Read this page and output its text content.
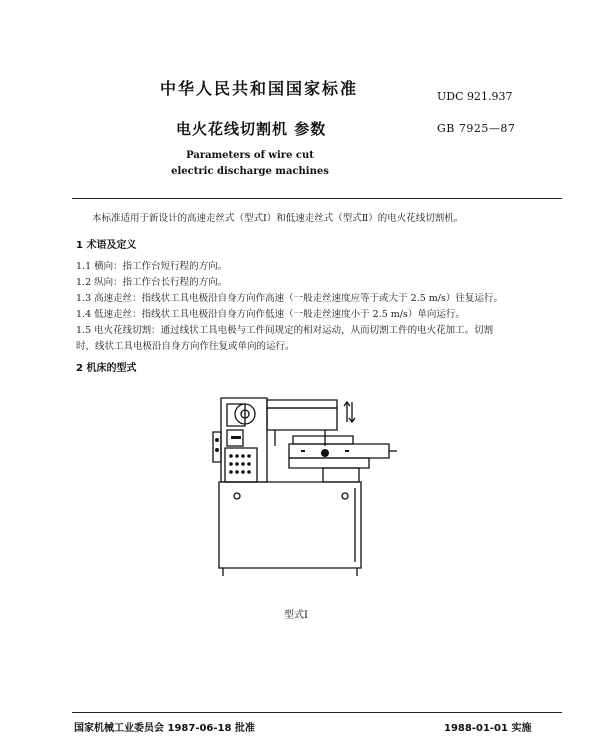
中华人民共和国国家标准	UDC 921.937
电火花线切割机 参数	GB 7925—87
Parameters of wire cut electric discharge machines
本标准适用于新设计的高速走丝式（型式Ⅰ）和低速走丝式（型式Ⅱ）的电火花线切割机。
1 术语及定义
1.1 横向：指工作台短行程的方向。
1.2 纵向：指工作台长行程的方向。
1.3 高速走丝：指线状工具电极沿自身方向作高速（一般走丝速度应等于或大于 2.5 m/s）往复运行。
1.4 低速走丝：指线状工具电极沿自身方向作低速（一般走丝速度小于 2.5 m/s）单向运行。
1.5 电火花线切割：通过线状工具电极与工件间规定的相对运动，从而切割工件的电火花加工。切割
时，线状工具电极沿自身方向作往复或单向的运行。
2 机床的型式
型式Ⅰ
国家机械工业委员会 1987-06-18 批准	1988-01-01 实施
